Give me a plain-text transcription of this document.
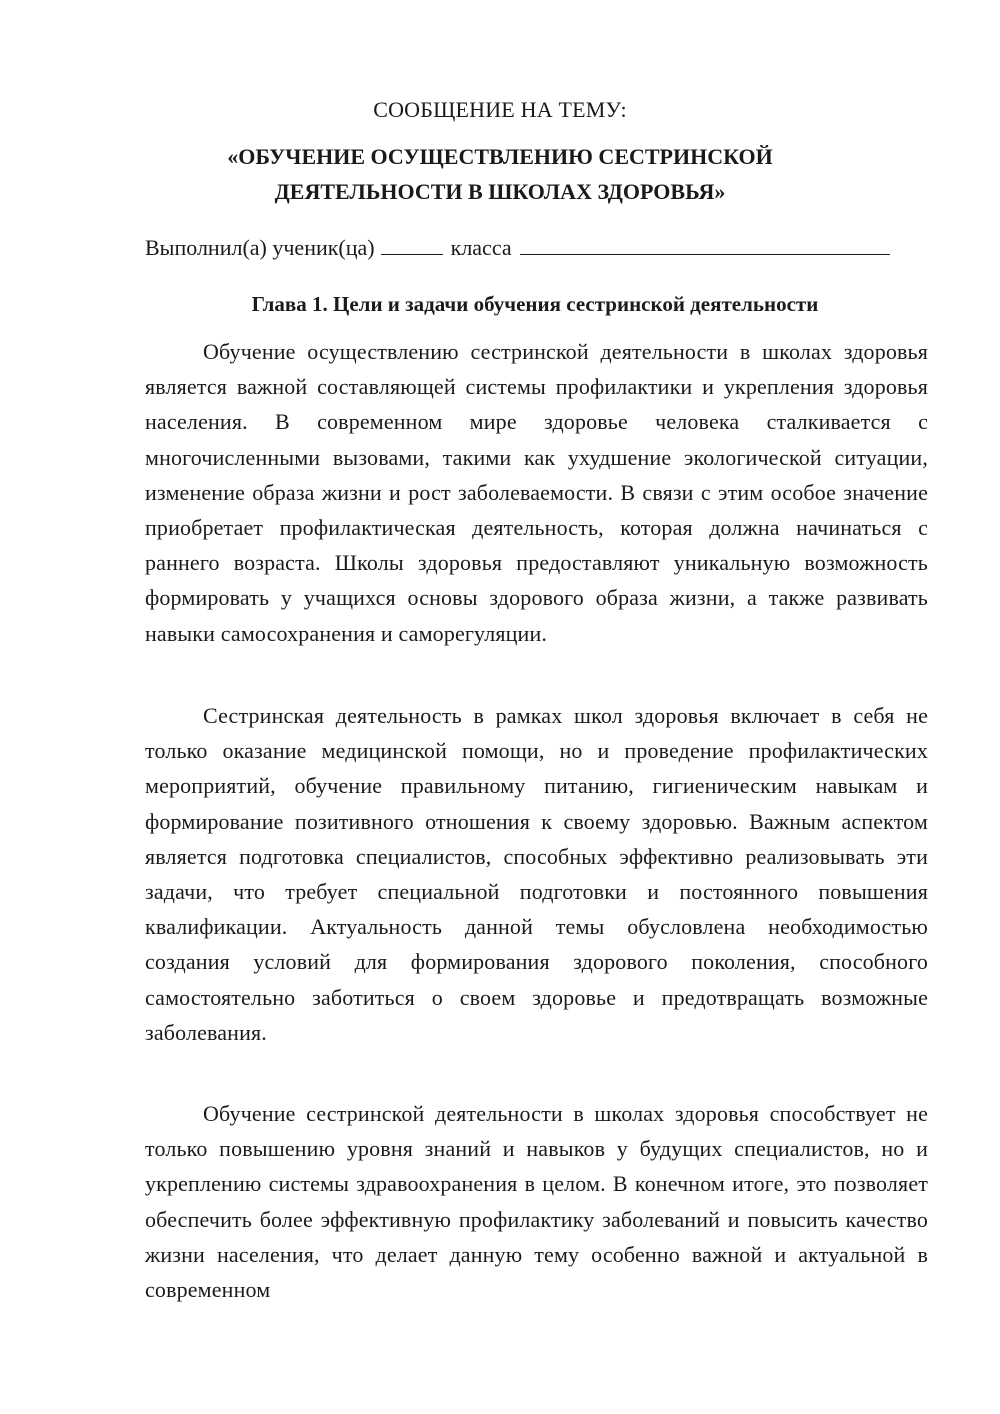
СООБЩЕНИЕ НА ТЕМУ:

«ОБУЧЕНИЕ ОСУЩЕСТВЛЕНИЮ СЕСТРИНСКОЙ

ДЕЯТЕЛЬНОСТИ В ШКОЛАХ ЗДОРОВЬЯ»

Выполнил(а) ученик(ца)	класса
Глава 1. Цели и задачи обучения сестринской деятельности

Обучение осуществлению сестринской деятельности в школах здоровья является важной составляющей системы профилактики и укрепления здоровья населения. В современном мире здоровье человека сталкивается с многочисленными вызовами, такими как ухудшение экологической ситуации, изменение образа жизни и рост заболеваемости. В связи с этим особое значение приобретает профилактическая деятельность, которая должна начинаться с раннего возраста. Школы здоровья предоставляют уникальную возможность формировать у учащихся основы здорового образа жизни, а также развивать навыки самосохранения и саморегуляции.

Сестринская деятельность в рамках школ здоровья включает в себя не только оказание медицинской помощи, но и проведение профилактических мероприятий, обучение правильному питанию, гигиеническим навыкам и формирование позитивного отношения к своему здоровью. Важным аспектом является подготовка специалистов, способных эффективно реализовывать эти задачи, что требует специальной подготовки и постоянного повышения квалификации. Актуальность данной темы обусловлена необходимостью создания условий для формирования здорового поколения, способного самостоятельно заботиться о своем здоровье и предотвращать возможные заболевания.

Обучение сестринской деятельности в школах здоровья способствует не только повышению уровня знаний и навыков у будущих специалистов, но и укреплению системы здравоохранения в целом. В конечном итоге, это позволяет обеспечить более эффективную профилактику заболеваний и повысить качество жизни населения, что делает данную тему особенно важной и актуальной в современном
